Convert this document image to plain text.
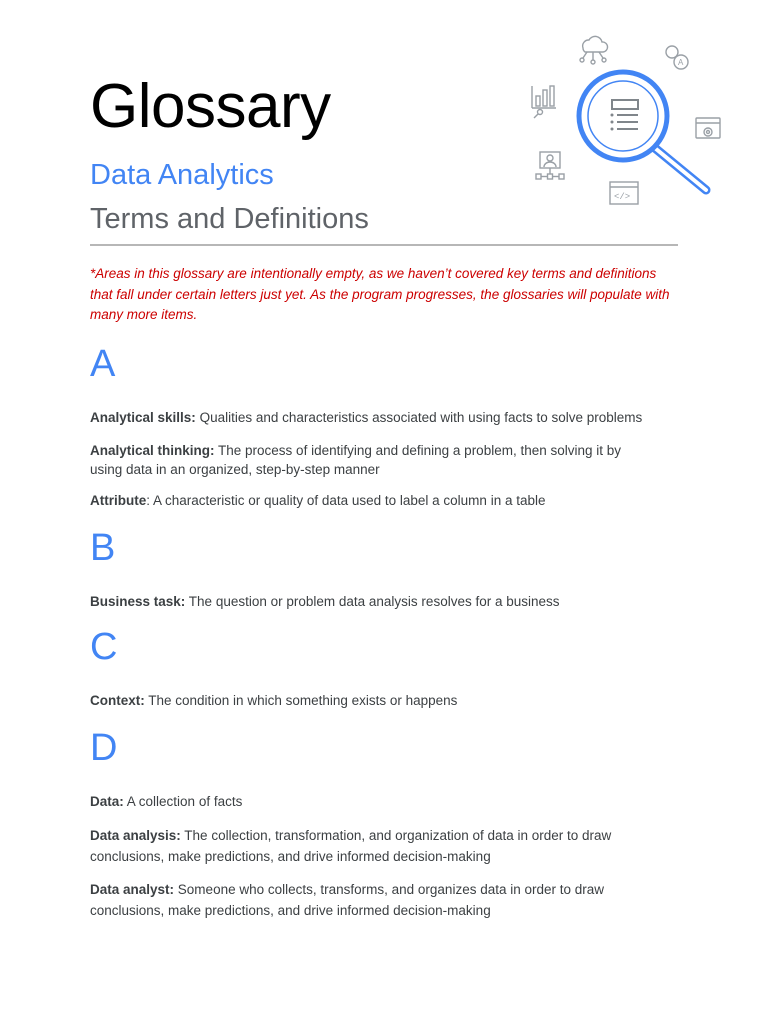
Glossary
Data Analytics
Terms and Definitions
A
</>

*Areas in this glossary are intentionally empty, as we haven’t covered key terms and definitions that fall under certain letters just yet. As the program progresses, the glossaries will populate with many more items.

A

Analytical skills: Qualities and characteristics associated with using facts to solve problems

Analytical thinking: The process of identifying and defining a problem, then solving it by using data in an organized, step-by-step manner

Attribute: A characteristic or quality of data used to label a column in a table

B

Business task: The question or problem data analysis resolves for a business

C

Context: The condition in which something exists or happens

D

Data: A collection of facts

Data analysis: The collection, transformation, and organization of data in order to draw conclusions, make predictions, and drive informed decision-making

Data analyst: Someone who collects, transforms, and organizes data in order to draw conclusions, make predictions, and drive informed decision-making
